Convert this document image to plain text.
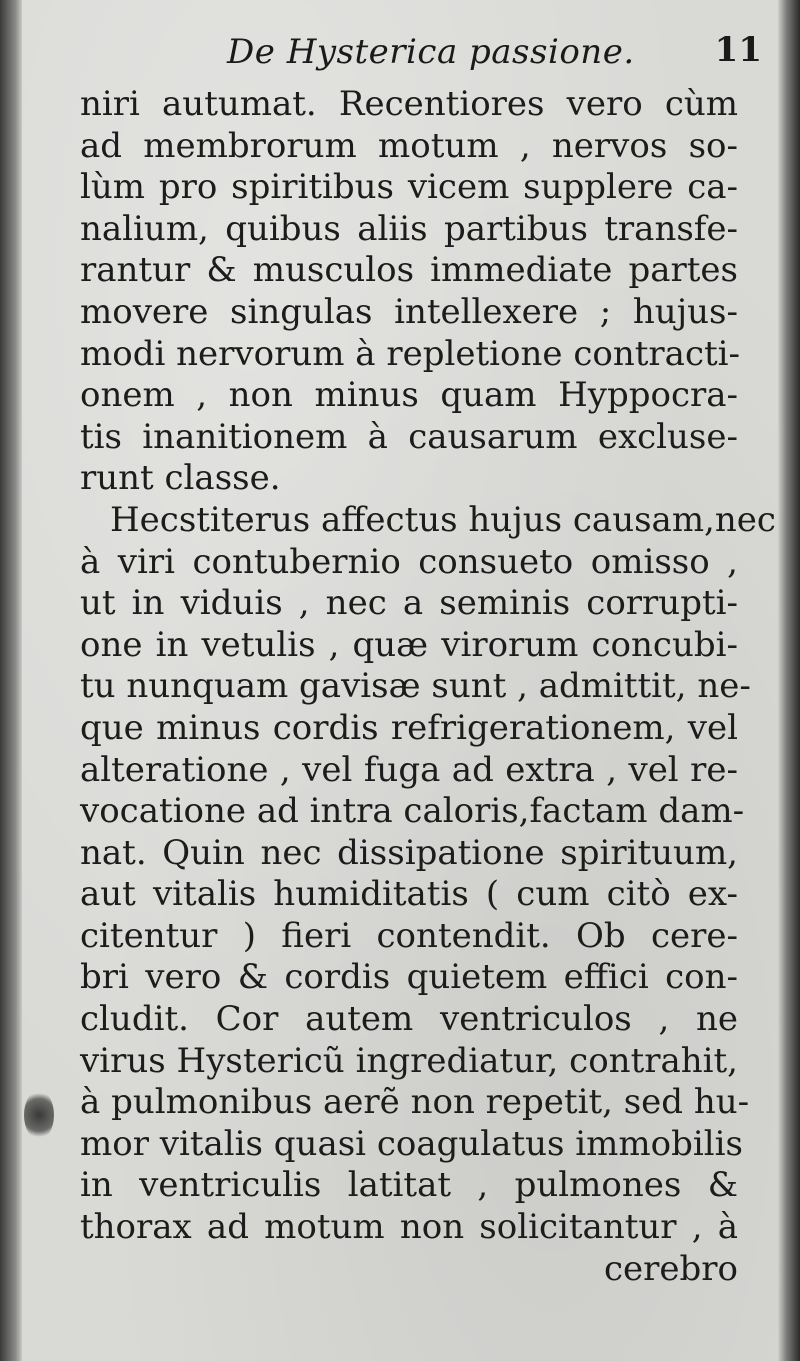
De Hysterica passione. 11
niri autumat. Recentiores vero cùm
ad membrorum motum , nervos so-
lùm pro spiritibus vicem supplere ca-
nalium, quibus aliis partibus transfe-
rantur & musculos immediate partes
movere singulas intellexere ; hujus-
modi nervorum à repletione contracti-
onem , non minus quam Hyppocra-
tis inanitionem à causarum excluse-
runt classe.
Hecstiterus affectus hujus causam,nec
à viri contubernio consueto omisso ,
ut in viduis , nec a seminis corrupti-
one in vetulis , quæ virorum concubi-
tu nunquam gavisæ sunt , admittit, ne-
que minus cordis refrigerationem, vel
alteratione , vel fuga ad extra , vel re-
vocatione ad intra caloris,factam dam-
nat. Quin nec dissipatione spirituum,
aut vitalis humiditatis ( cum citò ex-
citentur ) fieri contendit. Ob cere-
bri vero & cordis quietem effici con-
cludit. Cor autem ventriculos , ne
virus Hystericũ ingrediatur, contrahit,
à pulmonibus aerẽ non repetit, sed hu-
mor vitalis quasi coagulatus immobilis
in ventriculis latitat , pulmones &
thorax ad motum non solicitantur , à
cerebro
